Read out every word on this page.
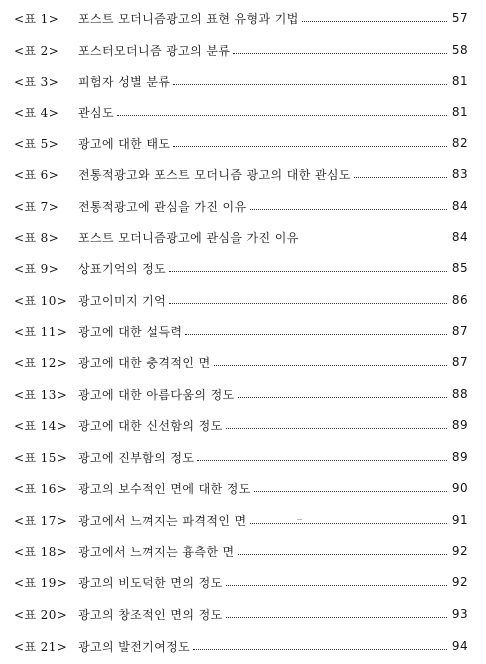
<표 1>	포스트 모더니즘광고의 표현 유형과 기법	57
<표 2>	포스터모더니즘 광고의 분류	58
<표 3>	피험자 성별 분류	81
<표 4>	관심도	81
<표 5>	광고에 대한 태도	82
<표 6>	전통적광고와 포스트 모더니즘 광고의 대한 관심도	83
<표 7>	전통적광고에 관심을 가진 이유	84
<표 8>	포스트 모더니즘광고에 관심을 가진 이유	84
<표 9>	상표기억의 정도	85
<표 10> 광고이미지 기억	86
<표 11> 광고에 대한 설득력	87
<표 12> 광고에 대한 충격적인 면	87
<표 13> 광고에 대한 아름다움의 정도	88
<표 14> 광고에 대한 신선함의 정도	89
<표 15> 광고에 진부함의 정도	89
<표 16> 광고의 보수적인 면에 대한 정도	90
<표 17> 광고에서 느껴지는 파격적인 면	91
<표 18> 광고에서 느껴지는 흉측한 면	92
<표 19> 광고의 비도덕한 면의 정도	92
<표 20> 광고의 창조적인 면의 정도	93
<표 21> 광고의 발전기여정도	94
